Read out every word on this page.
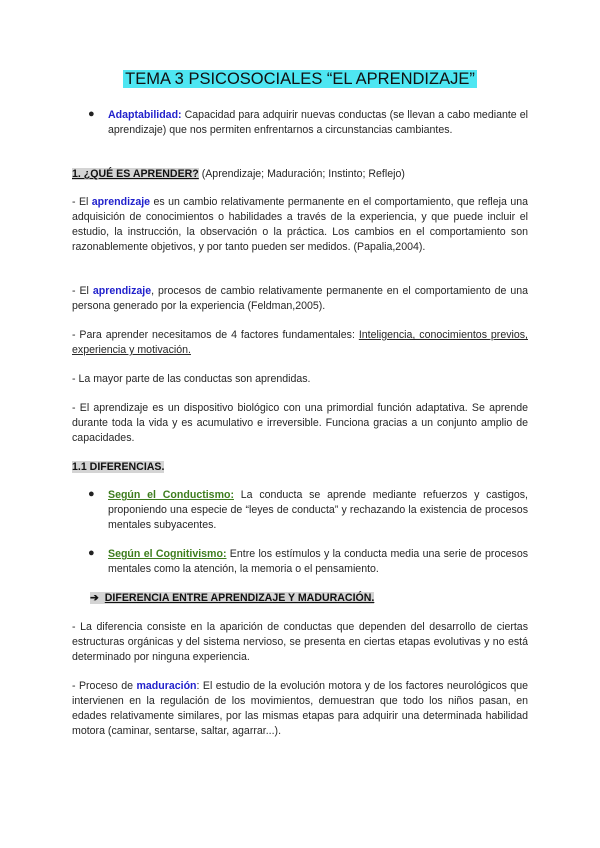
TEMA 3 PSICOSOCIALES “EL APRENDIZAJE”
●	Adaptabilidad: Capacidad para adquirir nuevas conductas (se llevan a cabo mediante el aprendizaje) que nos permiten enfrentarnos a circunstancias cambiantes.
1. ¿QUÉ ES APRENDER? (Aprendizaje; Maduración; Instinto; Reflejo)
- El aprendizaje es un cambio relativamente permanente en el comportamiento, que refleja una adquisición de conocimientos o habilidades a través de la experiencia, y que puede incluir el estudio, la instrucción, la observación o la práctica. Los cambios en el comportamiento son razonablemente objetivos, y por tanto pueden ser medidos. (Papalia,2004).
- El aprendizaje, procesos de cambio relativamente permanente en el comportamiento de una persona generado por la experiencia (Feldman,2005).
- Para aprender necesitamos de 4 factores fundamentales: Inteligencia, conocimientos previos, experiencia y motivación.
- La mayor parte de las conductas son aprendidas.
- El aprendizaje es un dispositivo biológico con una primordial función adaptativa. Se aprende durante toda la vida y es acumulativo e irreversible. Funciona gracias a un conjunto amplio de capacidades.
1.1 DIFERENCIAS.
●	Según el Conductismo: La conducta se aprende mediante refuerzos y castigos, proponiendo una especie de “leyes de conducta” y rechazando la existencia de procesos mentales subyacentes.
●	Según el Cognitivismo: Entre los estímulos y la conducta media una serie de procesos mentales como la atención, la memoria o el pensamiento.
➔ DIFERENCIA ENTRE APRENDIZAJE Y MADURACIÓN.
- La diferencia consiste en la aparición de conductas que dependen del desarrollo de ciertas estructuras orgánicas y del sistema nervioso, se presenta en ciertas etapas evolutivas y no está determinado por ninguna experiencia.
- Proceso de maduración: El estudio de la evolución motora y de los factores neurológicos que intervienen en la regulación de los movimientos, demuestran que todo los niños pasan, en edades relativamente similares, por las mismas etapas para adquirir una determinada habilidad motora (caminar, sentarse, saltar, agarrar...).
